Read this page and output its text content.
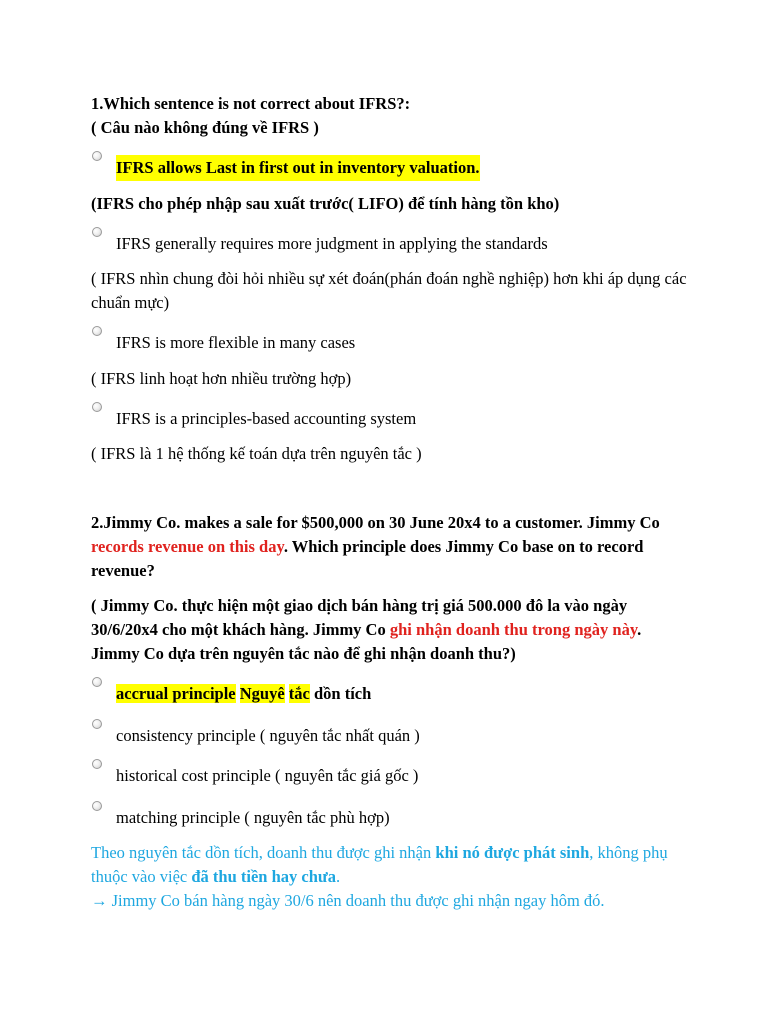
1.Which sentence is not correct about IFRS?:
( Câu nào không đúng về IFRS )
IFRS allows Last in first out in inventory valuation.
(IFRS cho phép nhập sau xuất trước( LIFO) để tính hàng tồn kho)
IFRS generally requires more judgment in applying the standards
( IFRS nhìn chung đòi hỏi nhiều sự xét đoán(phán đoán nghề nghiệp) hơn khi áp dụng các chuẩn mực)
IFRS is more flexible in many cases
( IFRS linh hoạt hơn nhiều trường hợp)
IFRS is a principles-based accounting system
( IFRS là 1 hệ thống kế toán dựa trên nguyên tắc )
2.Jimmy Co. makes a sale for $500,000 on 30 June 20x4 to a customer. Jimmy Co records revenue on this day. Which principle does Jimmy Co base on to record revenue?
( Jimmy Co. thực hiện một giao dịch bán hàng trị giá 500.000 đô la vào ngày 30/6/20x4 cho một khách hàng. Jimmy Co ghi nhận doanh thu trong ngày này. Jimmy Co dựa trên nguyên tắc nào để ghi nhận doanh thu?)
accrual principle Nguyê tắc dồn tích
consistency principle ( nguyên tắc nhất quán )
historical cost principle ( nguyên tắc giá gốc )
matching principle ( nguyên tắc phù hợp)
Theo nguyên tắc dồn tích, doanh thu được ghi nhận khi nó được phát sinh, không phụ thuộc vào việc đã thu tiền hay chưa.
→ Jimmy Co bán hàng ngày 30/6 nên doanh thu được ghi nhận ngay hôm đó.
